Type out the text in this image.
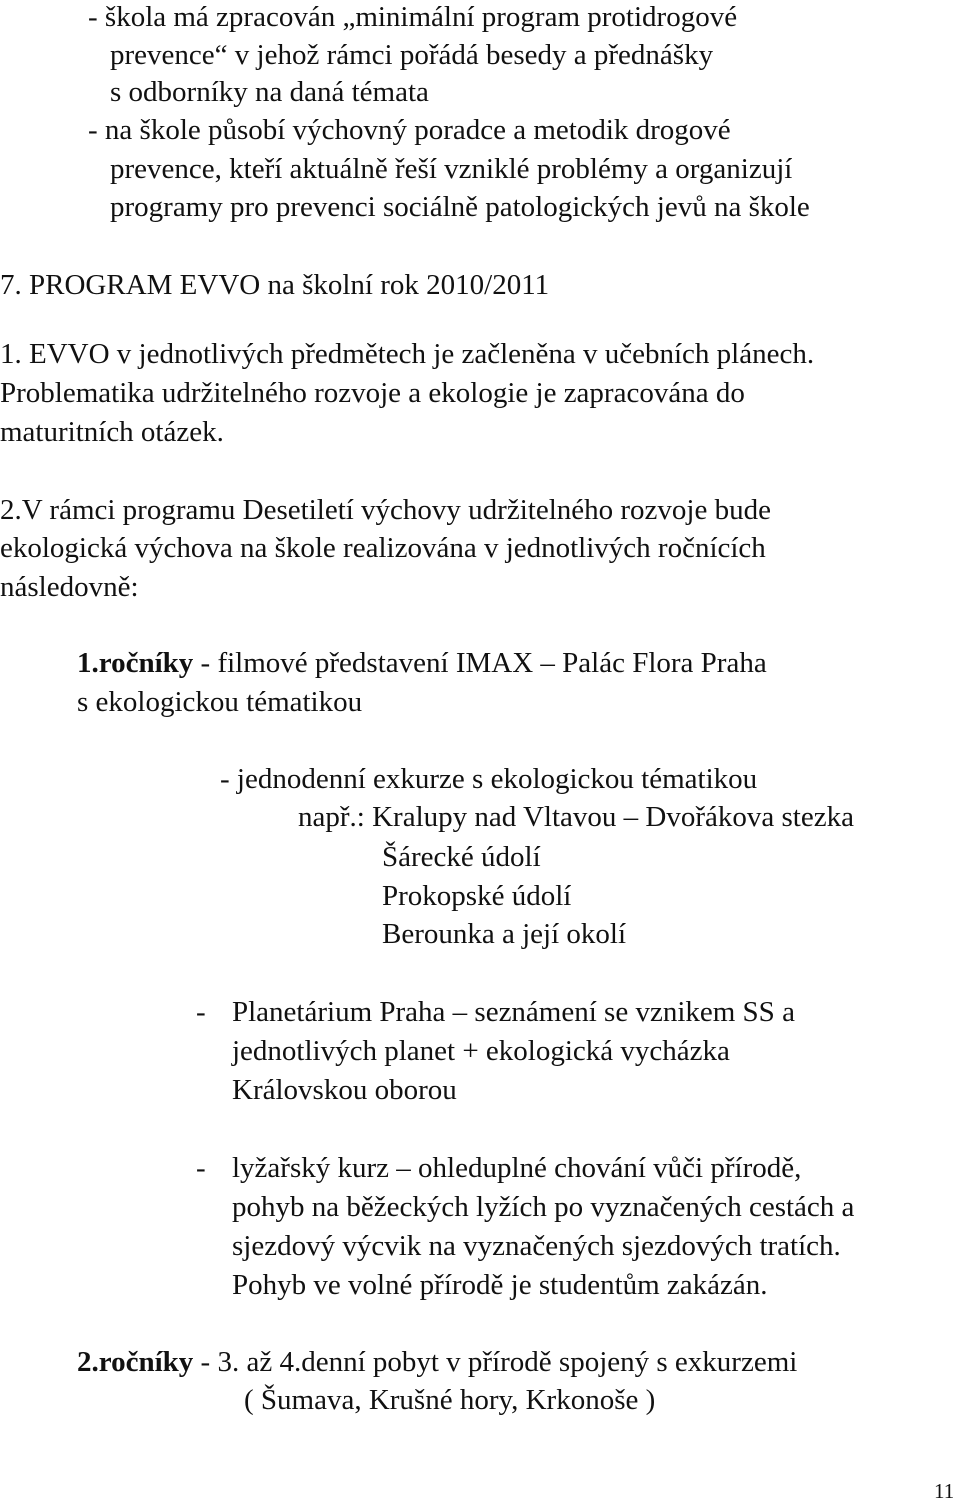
- škola má zpracován „minimální program protidrogové
prevence“ v jehož rámci pořádá besedy a přednášky
s odborníky na daná témata
- na škole působí výchovný poradce a metodik drogové
prevence, kteří aktuálně řeší vzniklé problémy a organizují
programy pro prevenci sociálně patologických jevů na škole
7. PROGRAM EVVO na školní rok 2010/2011
1. EVVO v jednotlivých předmětech je začleněna v učebních plánech.
Problematika udržitelného rozvoje a ekologie je zapracována do
maturitních otázek.
2.V rámci programu Desetiletí výchovy udržitelného rozvoje bude
ekologická výchova na škole realizována v jednotlivých ročnících
následovně:
1.ročníky - filmové představení IMAX – Palác Flora Praha
s ekologickou tématikou
- jednodenní exkurze s ekologickou tématikou
např.: Kralupy nad Vltavou – Dvořákova stezka
Šárecké údolí
Prokopské údolí
Berounka a její okolí
- Planetárium Praha – seznámení se vznikem SS a
jednotlivých planet + ekologická vycházka
Královskou oborou
- lyžařský kurz – ohleduplné chování vůči přírodě,
pohyb na běžeckých lyžích po vyznačených cestách a
sjezdový výcvik na vyznačených sjezdových tratích.
Pohyb ve volné přírodě je studentům zakázán.
2.ročníky - 3. až 4.denní pobyt v přírodě spojený s exkurzemi
( Šumava, Krušné hory, Krkonoše )
11
